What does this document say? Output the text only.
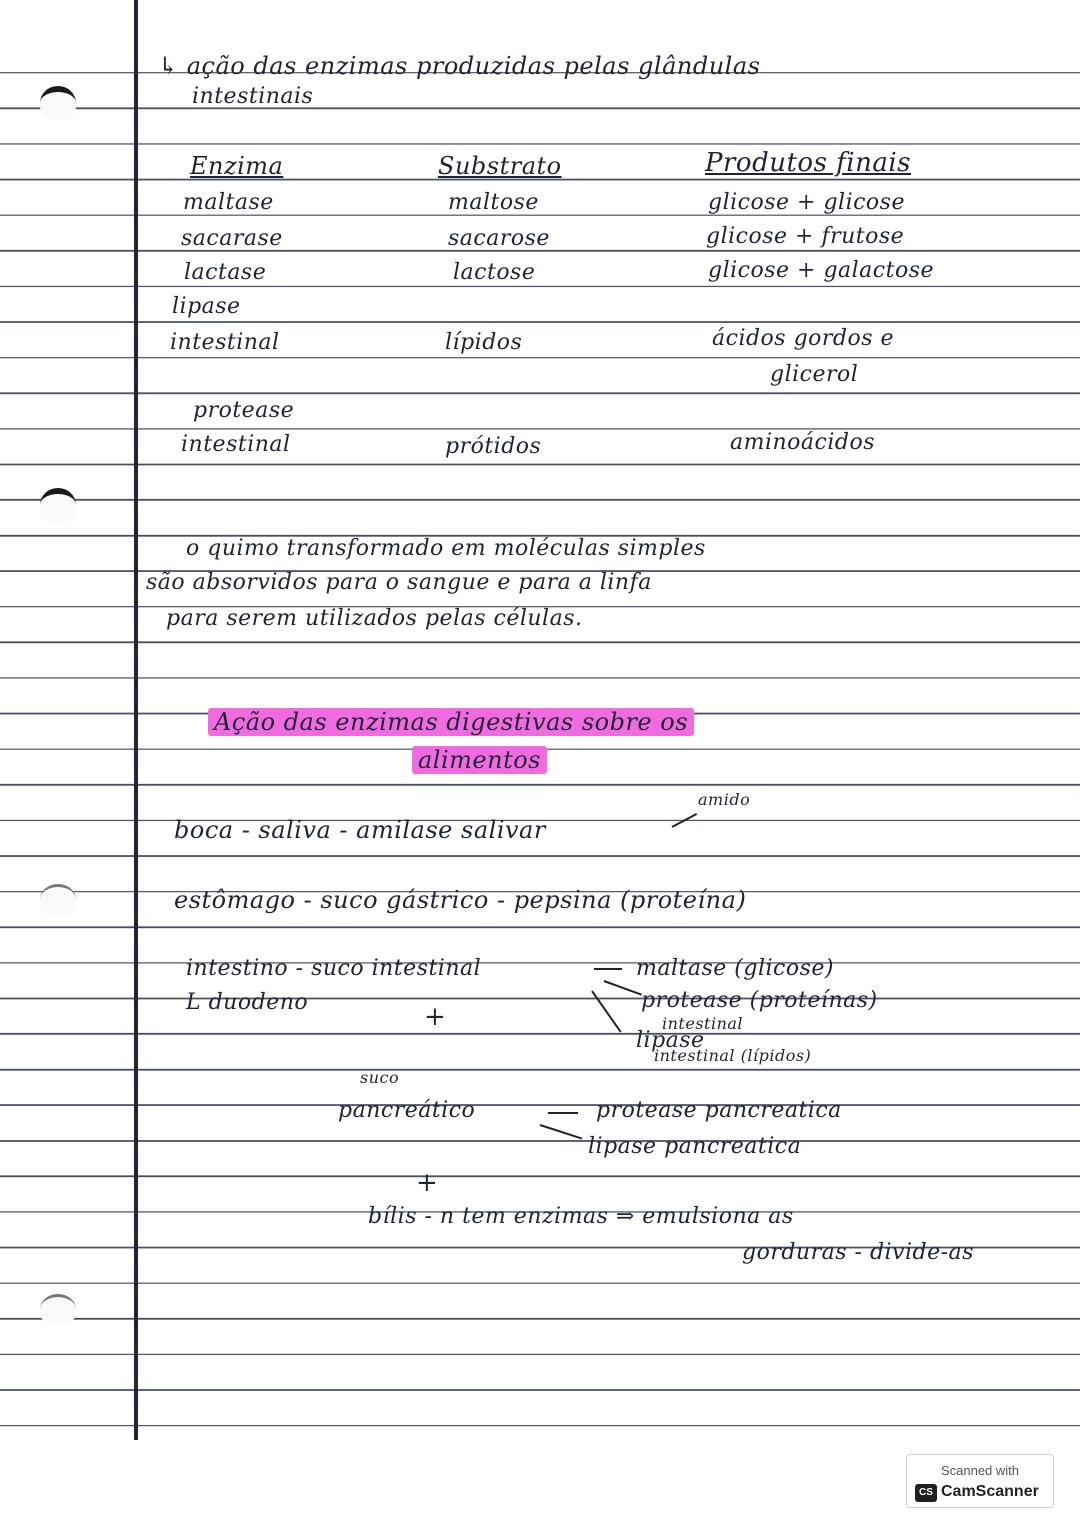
↳ ação das enzimas produzidas pelas glândulas
intestinais
Enzima	Substrato	Produtos finais
maltase	maltose	glicose + glicose
sacarase	sacarose	glicose + frutose
lactase	lactose	glicose + galactose
lipase
intestinal	lípidos	ácidos gordos e
glicerol
protease
intestinal	prótidos	aminoácidos
o quimo transformado em moléculas simples
são absorvidos para o sangue e para a linfa
para serem utilizados pelas células.
Ação das enzimas digestivas sobre os
alimentos
amido
boca - saliva - amilase salivar
estômago - suco gástrico - pepsina (proteína)
intestino - suco intestinal
L duodeno	+
maltase (glicose)
protease (proteínas)
intestinal
lipase
intestinal (lípidos)
suco
pancreático	protease pancreatica
lipase pancreatica
+
bílis - n tem enzimas ⇒ emulsiona as
gorduras - divide-as
Scanned with
CS CamScanner
